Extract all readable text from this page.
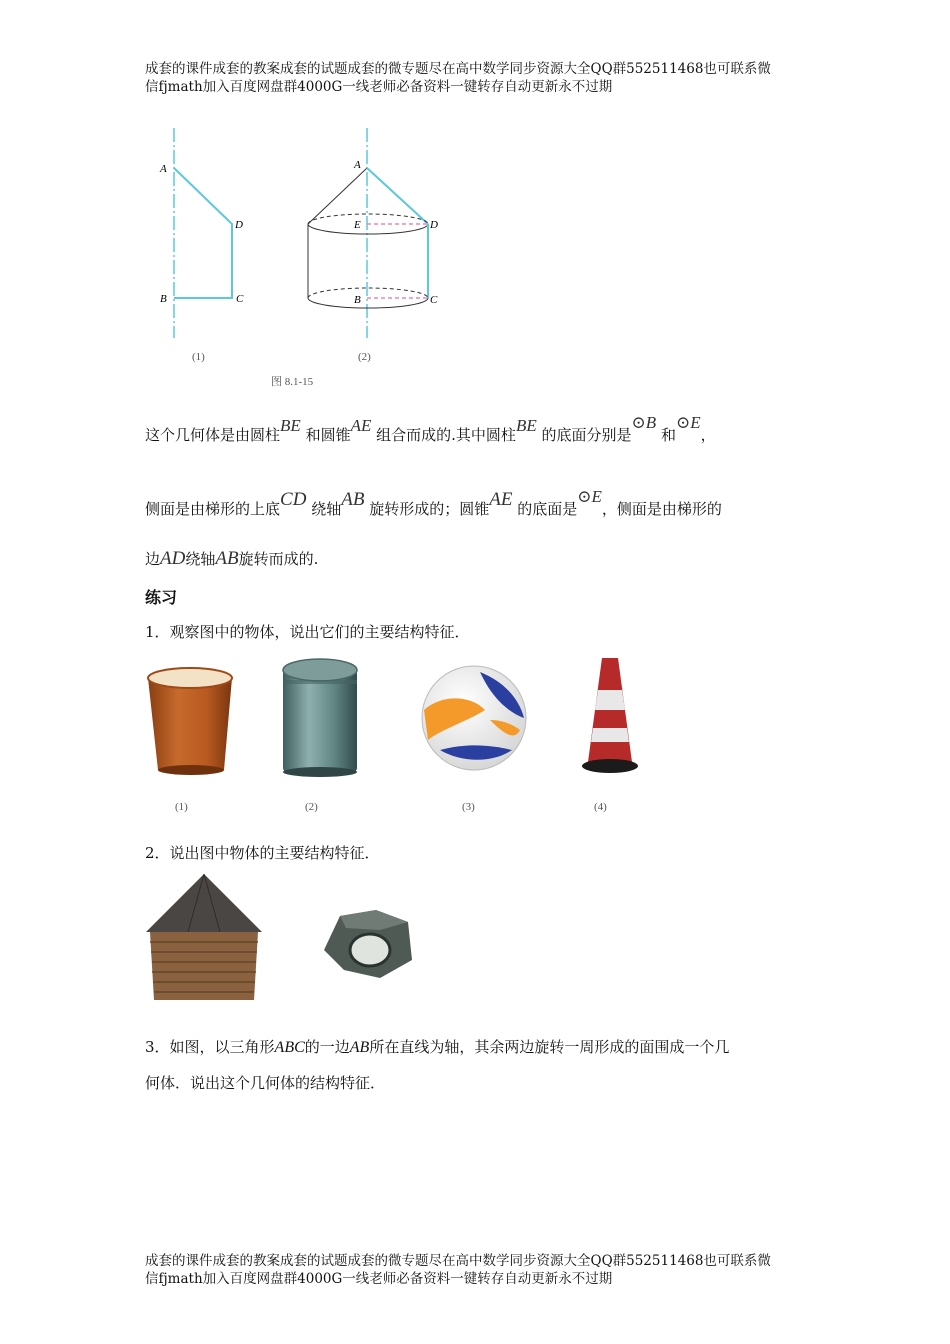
成套的课件成套的教案成套的试题成套的微专题尽在高中数学同步资源大全QQ群552511468也可联系微
信fjmath加入百度网盘群4000G一线老师必备资料一键转存自动更新永不过期
A
D
B	C
A
E	D
B	C
(1)	(2)
图 8.1-15
这个几何体是由圆柱BE 和圆锥AE 组合而成的.其中圆柱BE 的底面分别是⊙B 和⊙E，
侧面是由梯形的上底CD 绕轴AB 旋转形成的；圆锥AE 的底面是⊙E，侧面是由梯形的
边AD绕轴AB旋转而成的.
练习
1．观察图中的物体，说出它们的主要结构特征．
(1)	(2)	(3)	(4)
2．说出图中物体的主要结构特征．
3．如图，以三角形ABC的一边AB所在直线为轴，其余两边旋转一周形成的面围成一个几
何体．说出这个几何体的结构特征．
成套的课件成套的教案成套的试题成套的微专题尽在高中数学同步资源大全QQ群552511468也可联系微
信fjmath加入百度网盘群4000G一线老师必备资料一键转存自动更新永不过期
